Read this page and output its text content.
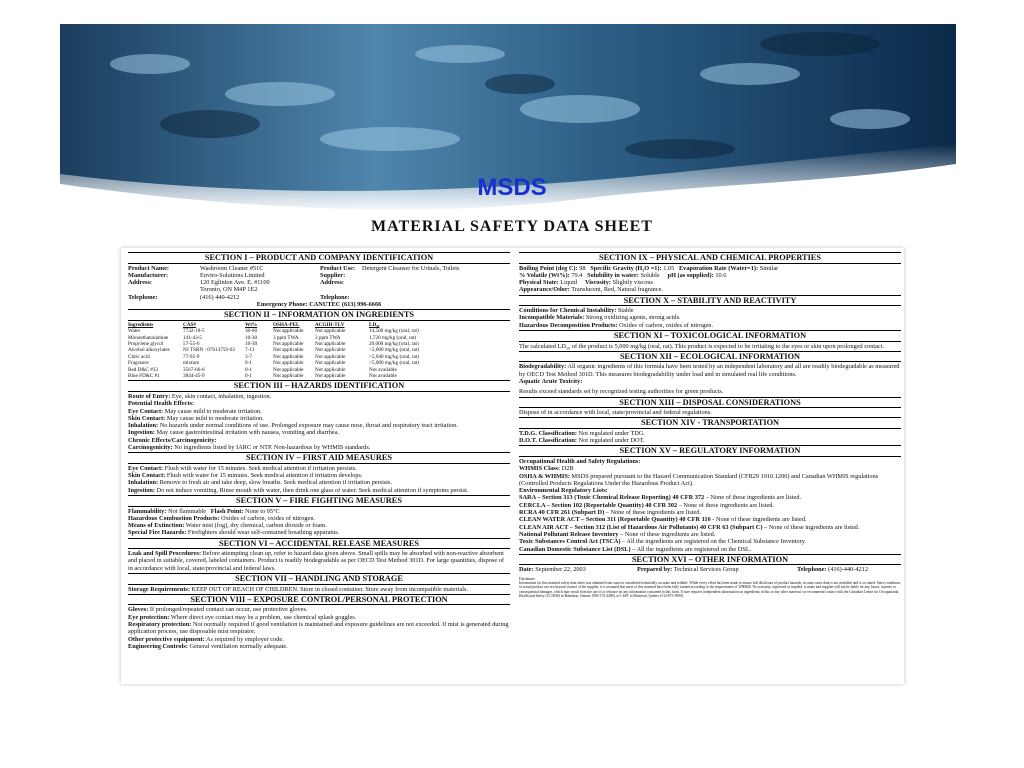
MSDS
MATERIAL SAFETY DATA SHEET
SECTION I – PRODUCT AND COMPANY IDENTIFICATION
Product Name:	Washroom Cleaner #51C	Product Use:	Detergent Cleanser for Urinals, Toilets
Manufacturer:	Enviro-Solutions Limited	Supplier:
Address:	120 Eglinton Ave. E. #1100	Address:
Toronto, ON M4P 1E2
Telephone:	(416) 440-4212	Telephone:
Emergency Phone: CANUTEC (613) 996-6666
SECTION II – INFORMATION ON INGREDIENTS
Ingredients	CAS#	Wt%	OSHA-PEL	ACGIH-TLV	LD₅₀
Water	7732-18-5	30-60	Not applicable	Not applicable	14,500 mg/kg (oral, rat)
Monoethanolamine	141-43-5	10-30	3 ppm TWA	3 ppm TWA	1,720 mg/kg (oral, rat)
Propylene glycol	57-55-6	10-30	Not applicable	Not applicable	20,000 mg/kg (oral, rat)
Alcohol alkoxylates	NJ TSRN : 07613759-02	7-13	Not applicable	Not applicable	>2,000 mg/kg (oral, rat)
Citric acid	77-92-9	3-7	Not applicable	Not applicable	>5,040 mg/kg (oral, rat)
Fragrance	mixture	0-1	Not applicable	Not applicable	>5,000 mg/kg (oral, rat)
Red D&C #33	3567-66-6	0-1	Not applicable	Not applicable	Not available
Blue FD&C #1	3844-45-9	0-1	Not applicable	Not applicable	Not available
SECTION III – HAZARDS IDENTIFICATION
Route of Entry: Eye, skin contact, inhalation, ingestion.
Potential Health Effects:
Eye Contact: May cause mild to moderate irritation.
Skin Contact: May cause mild to moderate irritation.
Inhalation: No hazards under normal conditions of use. Prolonged exposure may cause nose, throat and respiratory tract irritation.
Ingestion: May cause gastrointestinal irritation with nausea, vomiting and diarrhea.
Chronic Effects/Carcinogenicity:
Carcinogenicity: No ingredients listed by IARC or NTP. Non-hazardous by WHMIS standards.
SECTION IV – FIRST AID MEASURES
Eye Contact: Flush with water for 15 minutes. Seek medical attention if irritation persists.
Skin Contact: Flush with water for 15 minutes. Seek medical attention if irritation develops.
Inhalation: Remove to fresh air and take deep, slow breaths. Seek medical attention if irritation persists.
Ingestion: Do not induce vomiting. Rinse mouth with water, then drink one glass of water. Seek medical attention if symptoms persist.
SECTION V – FIRE FIGHTING MEASURES
Flammability: Not flammable Flash Point: None to 95°C
Hazardous Combustion Products: Oxides of carbon, oxides of nitrogen.
Means of Extinction: Water mist (fog), dry chemical, carbon dioxide or foam.
Special Fire Hazards: Firefighters should wear self-contained breathing apparatus.
SECTION VI – ACCIDENTAL RELEASE MEASURES
Leak and Spill Procedures: Before attempting clean up, refer to hazard data given above. Small spills may be absorbed with non-reactive absorbent and placed in suitable, covered, labeled containers. Product is readily biodegradable as per OECD Test Method 301D. For large quantities, dispose of in accordance with local, state/provincial and federal laws.
SECTION VII – HANDLING AND STORAGE
Storage Requirements: KEEP OUT OF REACH OF CHILDREN. Store in closed container. Store away from incompatible materials.
SECTION VIII – EXPOSURE CONTROL/PERSONAL PROTECTION
Gloves: If prolonged/repeated contact can occur, use protective gloves.
Eye protection: Where direct eye contact may be a problem, use chemical splash goggles.
Respiratory protection: Not normally required if good ventilation is maintained and exposure guidelines are not exceeded. If mist is generated during application process, use disposable mist respirator.
Other protective equipment: As required by employer code.
Engineering Controls: General ventilation normally adequate.
SECTION IX – PHYSICAL AND CHEMICAL PROPERTIES
Boiling Point (deg C): 98 Specific Gravity (H₂O =1): 1.05 Evaporation Rate (Water=1): Similar
% Volatile (Wt%): 79.4 Solubility in water: Soluble pH (as supplied): 10.6
Physical State: Liquid Viscosity: Slightly viscous
Appearance/Odor: Translucent, Red, Natural fragrance.
SECTION X – STABILITY AND REACTIVITY
Conditions for Chemical Instability: Stable
Incompatible Materials: Strong oxidizing agents, strong acids.
Hazardous Decomposition Products: Oxides of carbon, oxides of nitrogen.
SECTION XI – TOXICOLOGICAL INFORMATION
The calculated LD₅₀ of the product is 5,000 mg/kg (oral, rat). This product is expected to be irritating to the eyes or skin upon prolonged contact.
SECTION XII – ECOLOGICAL INFORMATION
Biodegradability: All organic ingredients of this formula have been tested by an independent laboratory and all are readily biodegradable as measured by OECD Test Method 301D. This measures biodegradability under load and in simulated real life conditions.
Aquatic Acute Toxicity:
Results exceed standards set by recognized testing authorities for green products.
SECTION XIII – DISPOSAL CONSIDERATIONS
Dispose of in accordance with local, state/provincial and federal regulations.
SECTION XIV - TRANSPORTATION
T.D.G. Classification: Not regulated under TDG.
D.O.T. Classification: Not regulated under DOT.
SECTION XV – REGULATORY INFORMATION
Occupational Health and Safety Regulations:
WHMIS Class: D2B
OSHA & WHMIS: MSDS prepared pursuant to the Hazard Communication Standard (CFR29 1910.1200) and Canadian WHMIS regulations (Controlled Products Regulations Under the Hazardous Product Act).
Environmental Regulatory Lists:
SARA – Section 313 (Toxic Chemical Release Reporting) 40 CFR 372 – None of these ingredients are listed.
CERCLA – Section 102 (Reportable Quantity) 40 CFR 302 – None of these ingredients are listed.
RCRA 40 CFR 261 (Subpart D) – None of these ingredients are listed.
CLEAN WATER ACT – Section 311 (Reportable Quantity) 40 CFR 116 - None of these ingredients are listed.
CLEAN AIR ACT – Section 312 (List of Hazardous Air Pollutants) 40 CFR 63 (Subpart C) – None of these ingredients are listed.
National Pollutant Release Inventory – None of these ingredients are listed.
Toxic Substances Control Act (TSCA) – All the ingredients are registered on the Chemical Substance Inventory.
Canadian Domestic Substance List (DSL) – All the ingredients are registered on the DSL.
SECTION XVI – OTHER INFORMATION
Date: September 22, 2003	Prepared by: Technical Services Group	Telephone: (416)-440-4212
Disclaimer
Information for this material safety data sheet was obtained from sources considered technically accurate and reliable. While every effort has been made to ensure full disclosure of product hazards, in some cases data is not available and is so stated. Since conditions of actual product use are beyond control of the supplier, it is assumed that users of this material have been fully trained according to the requirements of WHMIS. No warranty, expressed or implied, is made and supplier will not be liable for any losses, injuries or consequential damages, which may result from the use of or reliance on any information contained in this form. If user requires independent information on ingredients in this or any other material, we recommend contact with the Canadian Centre for Occupational Health and Safety (CCOHS) in Hamilton, Ontario (905-572-4400), or CSST in Montreal, Quebec (514-873-3990).
